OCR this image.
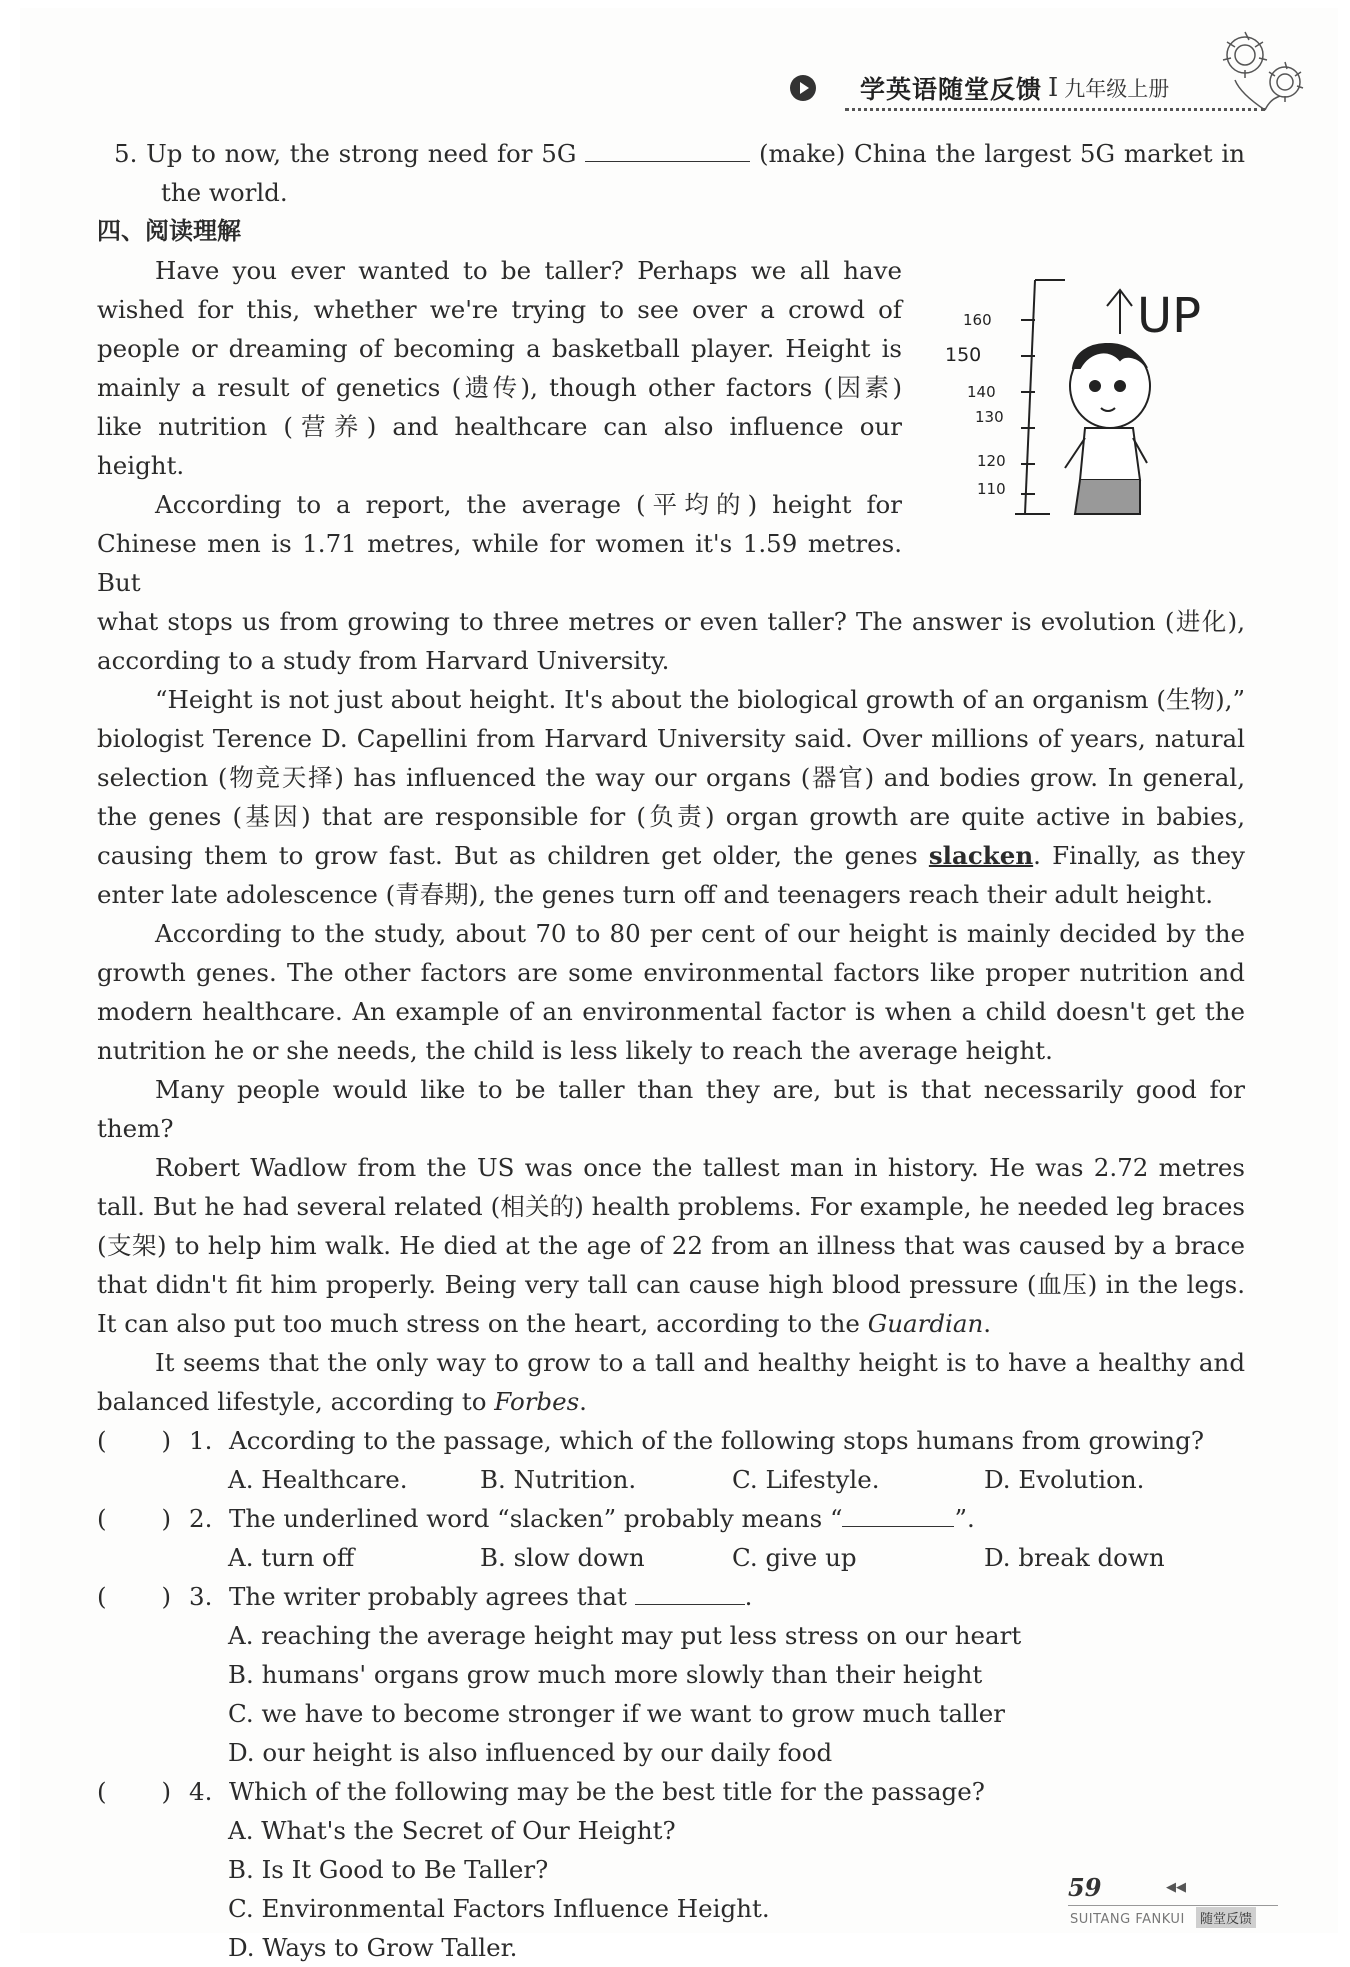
学英语随堂反馈 I 九年级上册
160
150
140
130
120
110
UP
5. Up to now, the strong need for 5G	(make) China the largest 5G market in the world.
四、阅读理解
Have you ever wanted to be taller? Perhaps we all have wished for this, whether we're trying to see over a crowd of people or dreaming of becoming a basketball player. Height is mainly a result of genetics (遗传), though other factors (因素) like nutrition (营养) and healthcare can also influence our height.
According to a report, the average (平均的) height for Chinese men is 1.71 metres, while for women it's 1.59 metres. But
what stops us from growing to three metres or even taller? The answer is evolution (进化), according to a study from Harvard University.
“Height is not just about height. It's about the biological growth of an organism (生物),” biologist Terence D. Capellini from Harvard University said. Over millions of years, natural selection (物竞天择) has influenced the way our organs (器官) and bodies grow. In general, the genes (基因) that are responsible for (负责) organ growth are quite active in babies, causing them to grow fast. But as children get older, the genes slacken. Finally, as they enter late adolescence (青春期), the genes turn off and teenagers reach their adult height.
According to the study, about 70 to 80 per cent of our height is mainly decided by the growth genes. The other factors are some environmental factors like proper nutrition and modern healthcare. An example of an environmental factor is when a child doesn't get the nutrition he or she needs, the child is less likely to reach the average height.
Many people would like to be taller than they are, but is that necessarily good for them?
Robert Wadlow from the US was once the tallest man in history. He was 2.72 metres tall. But he had several related (相关的) health problems. For example, he needed leg braces (支架) to help him walk. He died at the age of 22 from an illness that was caused by a brace that didn't fit him properly. Being very tall can cause high blood pressure (血压) in the legs. It can also put too much stress on the heart, according to the Guardian.
It seems that the only way to grow to a tall and healthy height is to have a healthy and balanced lifestyle, according to Forbes.
( ) 1. According to the passage, which of the following stops humans from growing?
A. Healthcare.	B. Nutrition.	C. Lifestyle.	D. Evolution.
( ) 2. The underlined word “slacken” probably means “	”.
A. turn off	B. slow down	C. give up	D. break down
( ) 3. The writer probably agrees that	.
A. reaching the average height may put less stress on our heart
B. humans' organs grow much more slowly than their height
C. we have to become stronger if we want to grow much taller
D. our height is also influenced by our daily food
( ) 4. Which of the following may be the best title for the passage?
A. What's the Secret of Our Height?
B. Is It Good to Be Taller?
C. Environmental Factors Influence Height.
D. Ways to Grow Taller.
59	◀◀
SUITANG FANKUI	随堂反馈
